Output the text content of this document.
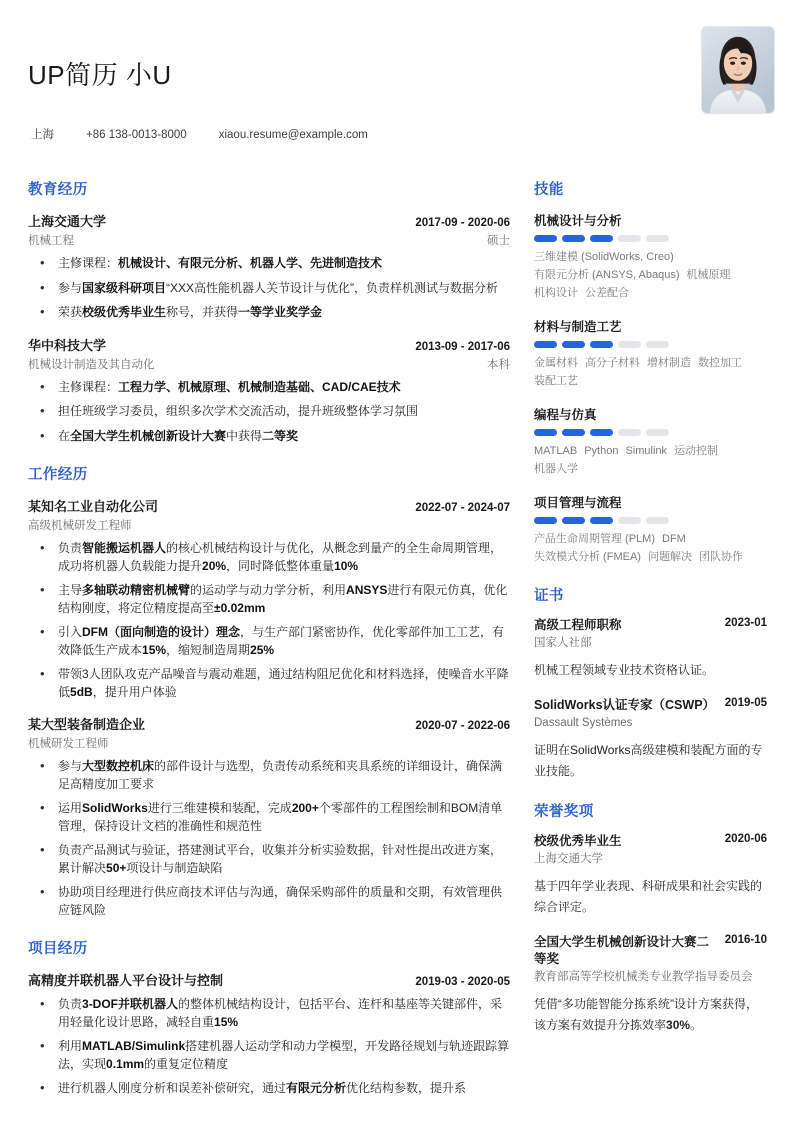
UP简历 小U
上海	+86 138-0013-8000	xiaou.resume@example.com
教育经历
上海交通大学	2017-09 - 2020-06
机械工程	硕士
• 主修课程：机械设计、有限元分析、机器人学、先进制造技术
• 参与国家级科研项目“XXX高性能机器人关节设计与优化”，负责样机测试与数据分析
• 荣获校级优秀毕业生称号，并获得一等学业奖学金
华中科技大学	2013-09 - 2017-06
机械设计制造及其自动化	本科
• 主修课程：工程力学、机械原理、机械制造基础、CAD/CAE技术
• 担任班级学习委员，组织多次学术交流活动，提升班级整体学习氛围
• 在全国大学生机械创新设计大赛中获得二等奖
工作经历
某知名工业自动化公司	2022-07 - 2024-07
高级机械研发工程师
• 负责智能搬运机器人的核心机械结构设计与优化，从概念到量产的全生命周期管理，成功将机器人负载能力提升20%，同时降低整体重量10%
• 主导多轴联动精密机械臂的运动学与动力学分析，利用ANSYS进行有限元仿真，优化结构刚度，将定位精度提高至±0.02mm
• 引入DFM（面向制造的设计）理念，与生产部门紧密协作，优化零部件加工工艺，有效降低生产成本15%，缩短制造周期25%
• 带领3人团队攻克产品噪音与震动难题，通过结构阻尼优化和材料选择，使噪音水平降低5dB，提升用户体验
某大型装备制造企业	2020-07 - 2022-06
机械研发工程师
• 参与大型数控机床的部件设计与选型，负责传动系统和夹具系统的详细设计，确保满足高精度加工要求
• 运用SolidWorks进行三维建模和装配，完成200+个零部件的工程图绘制和BOM清单管理，保持设计文档的准确性和规范性
• 负责产品测试与验证，搭建测试平台，收集并分析实验数据，针对性提出改进方案，累计解决50+项设计与制造缺陷
• 协助项目经理进行供应商技术评估与沟通，确保采购部件的质量和交期，有效管理供应链风险
项目经历
高精度并联机器人平台设计与控制	2019-03 - 2020-05
• 负责3-DOF并联机器人的整体机械结构设计，包括平台、连杆和基座等关键部件，采用轻量化设计思路，减轻自重15%
• 利用MATLAB/Simulink搭建机器人运动学和动力学模型，开发路径规划与轨迹跟踪算法，实现0.1mm的重复定位精度
• 进行机器人刚度分析和误差补偿研究，通过有限元分析优化结构参数，提升系
技能
机械设计与分析
三维建模 (SolidWorks, Creo)有限元分析 (ANSYS, Abaqus) 机械原理机构设计 公差配合
材料与制造工艺
金属材料 高分子材料 增材制造 数控加工装配工艺
编程与仿真
MATLAB Python Simulink 运动控制机器人学
项目管理与流程
产品生命周期管理 (PLM) DFM失效模式分析 (FMEA) 问题解决 团队协作
证书
高级工程师职称	2023-01
国家人社部
机械工程领域专业技术资格认证。
SolidWorks认证专家（CSWP） 2019-05
Dassault Systèmes
证明在SolidWorks高级建模和装配方面的专业技能。
荣誉奖项
校级优秀毕业生	2020-06
上海交通大学
基于四年学业表现、科研成果和社会实践的综合评定。
全国大学生机械创新设计大赛二等奖
2016-10
教育部高等学校机械类专业教学指导委员会
凭借“多功能智能分拣系统”设计方案获得，该方案有效提升分拣效率30%。
